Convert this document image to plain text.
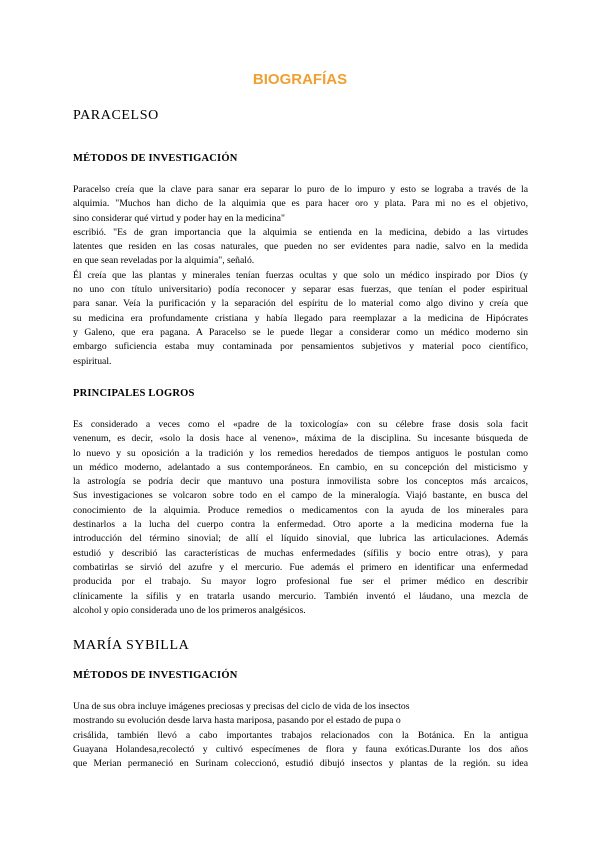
BIOGRAFÍAS
PARACELSO
MÉTODOS DE INVESTIGACIÓN
Paracelso creía que la clave para sanar era separar lo puro de lo impuro y esto se lograba a través de la
alquimia. "Muchos han dicho de la alquimia que es para hacer oro y plata. Para mi no es el objetivo,
sino considerar qué virtud y poder hay en la medicina"
escribió. "Es de gran importancia que la alquimia se entienda en la medicina, debido a las virtudes
latentes que residen en las cosas naturales, que pueden no ser evidentes para nadie, salvo en la medida
en que sean reveladas por la alquimia", señaló.
Él creía que las plantas y minerales tenían fuerzas ocultas y que solo un médico inspirado por Dios (y
no uno con título universitario) podía reconocer y separar esas fuerzas, que tenían el poder espiritual
para sanar. Veía la purificación y la separación del espíritu de lo material como algo divino y creía que
su medicina era profundamente cristiana y había llegado para reemplazar a la medicina de Hipócrates
y Galeno, que era pagana. A Paracelso se le puede llegar a considerar como un médico moderno sin
embargo suficiencia estaba muy contaminada por pensamientos subjetivos y material poco científico,
espiritual.
PRINCIPALES LOGROS
Es considerado a veces como el «padre de la toxicología» con su célebre frase dosis sola facit
venenum, es decir, «solo la dosis hace al veneno», máxima de la disciplina. Su incesante búsqueda de
lo nuevo y su oposición a la tradición y los remedios heredados de tiempos antiguos le postulan como
un médico moderno, adelantado a sus contemporáneos. En cambio, en su concepción del misticismo y
la astrología se podría decir que mantuvo una postura inmovilista sobre los conceptos más arcaicos,
Sus investigaciones se volcaron sobre todo en el campo de la mineralogía. Viajó bastante, en busca del
conocimiento de la alquimia. Produce remedios o medicamentos con la ayuda de los minerales para
destinarlos a la lucha del cuerpo contra la enfermedad. Otro aporte a la medicina moderna fue la
introducción del término sinovial; de allí el líquido sinovial, que lubrica las articulaciones. Además
estudió y describió las características de muchas enfermedades (sífilis y bocio entre otras), y para
combatirlas se sirvió del azufre y el mercurio. Fue además el primero en identificar una enfermedad
producida por el trabajo. Su mayor logro profesional fue ser el primer médico en describir
clínicamente la sífilis y en tratarla usando mercurio. También inventó el láudano, una mezcla de
alcohol y opio considerada uno de los primeros analgésicos.
MARÍA SYBILLA
MÉTODOS DE INVESTIGACIÓN
Una de sus obra incluye imágenes preciosas y precisas del ciclo de vida de los insectos
mostrando su evolución desde larva hasta mariposa, pasando por el estado de pupa o
crisálida, también llevó a cabo importantes trabajos relacionados con la Botánica. En la antigua
Guayana Holandesa,recolectó y cultivó especímenes de flora y fauna exóticas.Durante los dos años
que Merian permaneció en Surinam coleccionó, estudió dibujó insectos y plantas de la región. su idea
